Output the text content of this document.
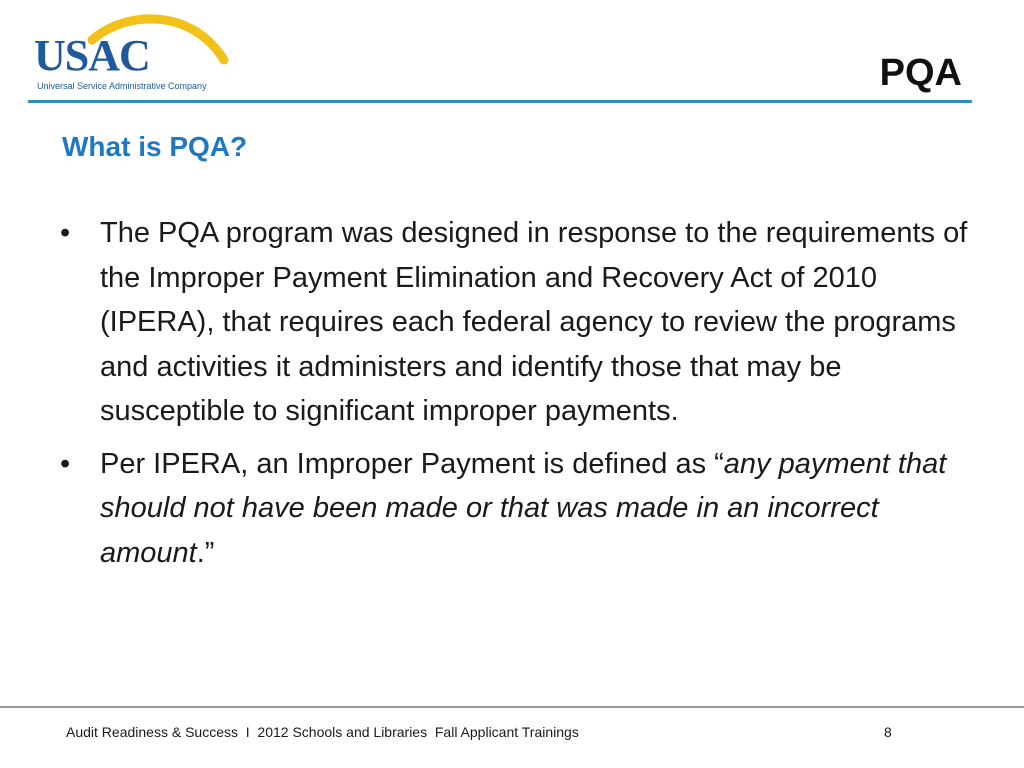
USAC
Universal Service Administrative Company	PQA
What is PQA?
• The PQA program was designed in response to the requirements of the Improper Payment Elimination and Recovery Act of 2010 (IPERA), that requires each federal agency to review the programs and activities it administers and identify those that may be susceptible to significant improper payments.
• Per IPERA, an Improper Payment is defined as “any payment that should not have been made or that was made in an incorrect amount.”
Audit Readiness & Success  I  2012 Schools and Libraries  Fall Applicant Trainings	8
